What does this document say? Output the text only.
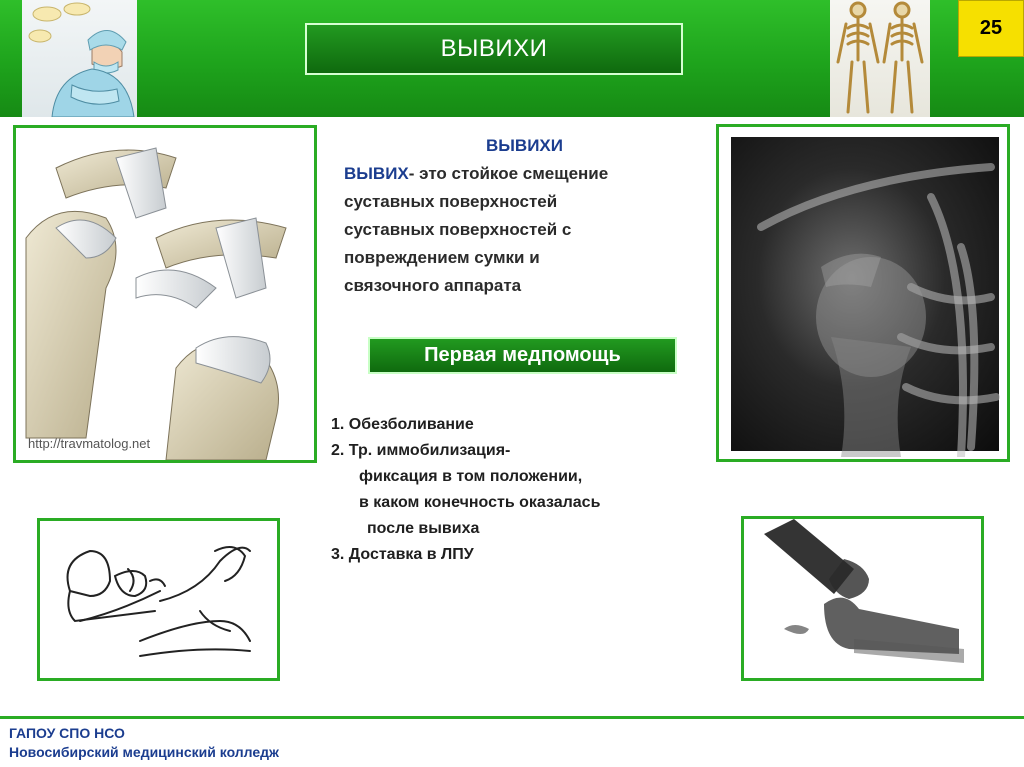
ВЫВИХИ
25
http://travmatolog.net
ВЫВИХИ
ВЫВИХ- это стойкое смещение
суставных поверхностей
суставных поверхностей с
повреждением сумки и
связочного аппарата
Первая медпомощь
1. Обезболивание
2. Тр. иммобилизация-
фиксация в том положении,
в каком конечность оказалась
после вывиха
3. Доставка в ЛПУ
ГАПОУ СПО НСО
Новосибирский медицинский колледж
